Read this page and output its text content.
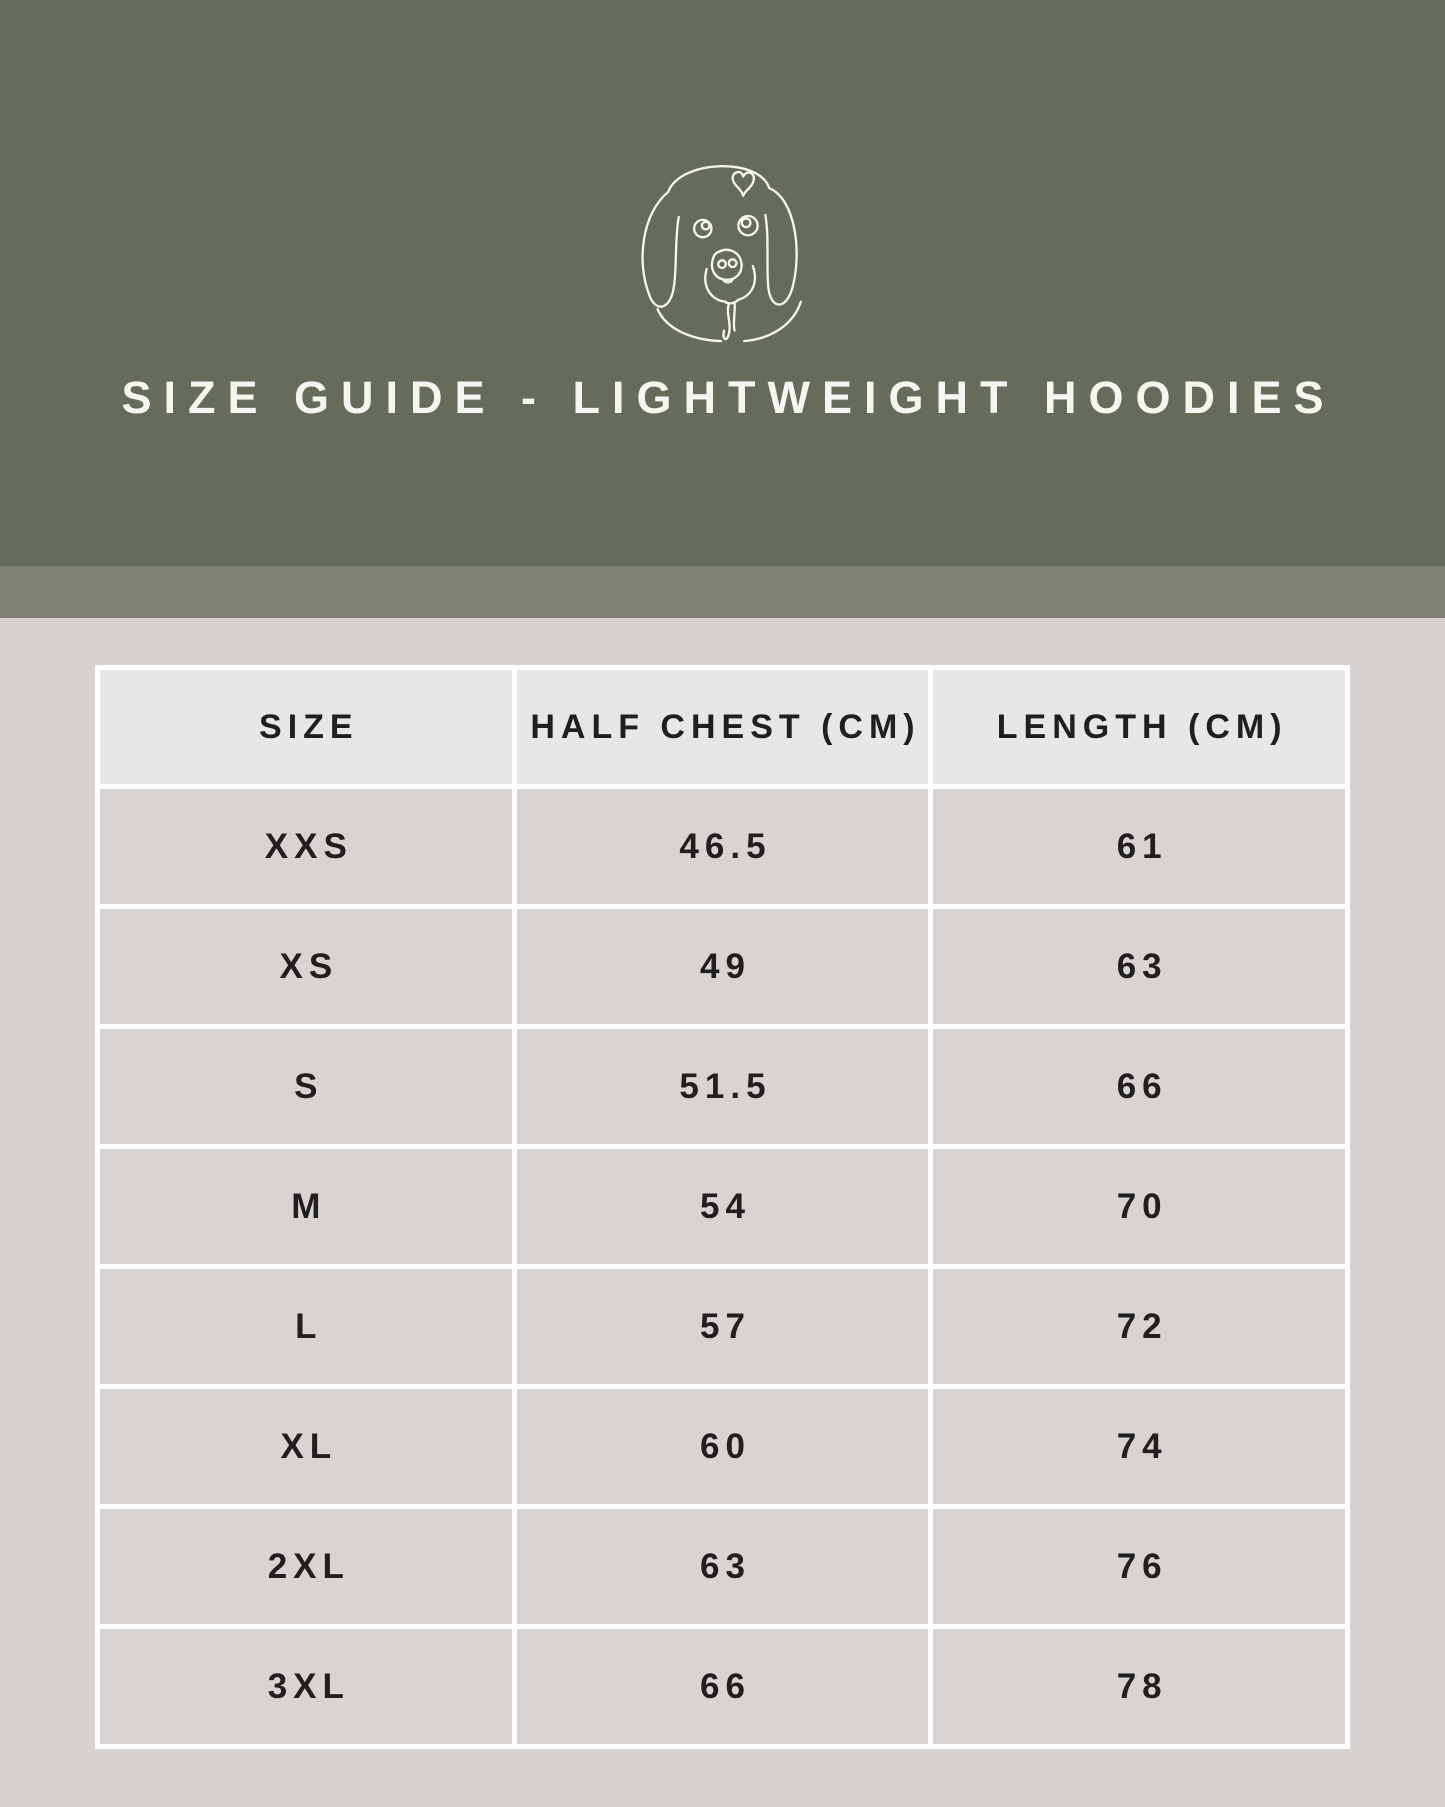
SIZE GUIDE - LIGHTWEIGHT HOODIES
SIZE	HALF CHEST (CM)	LENGTH (CM)
XXS	46.5	61
XS	49	63
S	51.5	66
M	54	70
L	57	72
XL	60	74
2XL	63	76
3XL	66	78
